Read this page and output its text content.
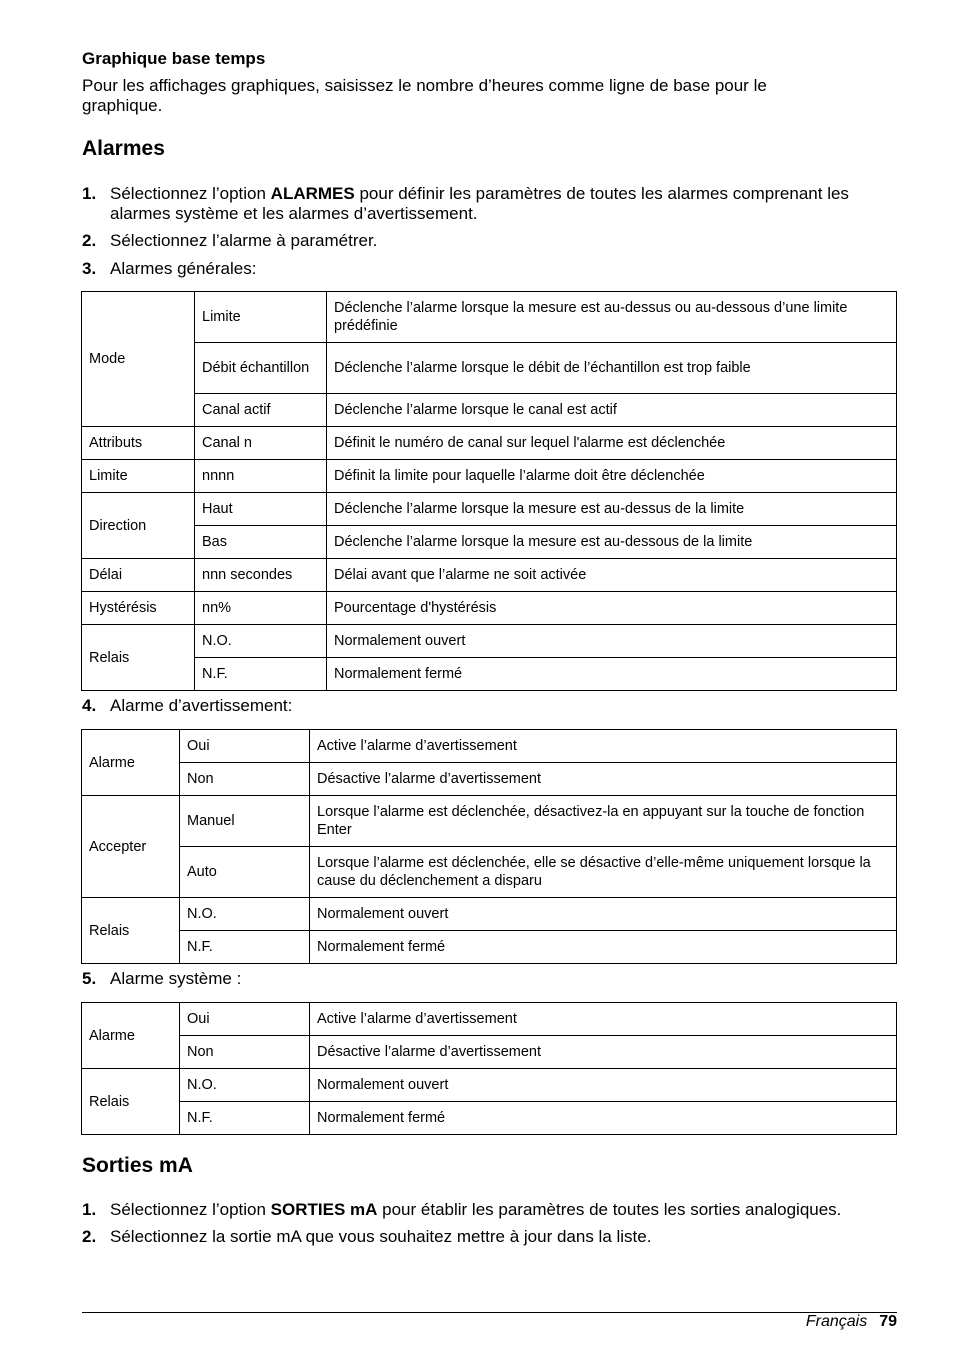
Graphique base temps
Pour les affichages graphiques, saisissez le nombre d’heures comme ligne de base pour le
graphique.
Alarmes
1. Sélectionnez l’option ALARMES pour définir les paramètres de toutes les alarmes comprenant les alarmes système et les alarmes d’avertissement.
2. Sélectionnez l’alarme à paramétrer.
3. Alarmes générales:
Mode	Limite	Déclenche l’alarme lorsque la mesure est au-dessus ou au-dessous d’une limite prédéfinie
	Débit échantillon	Déclenche l’alarme lorsque le débit de l’échantillon est trop faible
	Canal actif	Déclenche l’alarme lorsque le canal est actif
Attributs	Canal n	Définit le numéro de canal sur lequel l'alarme est déclenchée
Limite	nnnn	Définit la limite pour laquelle l’alarme doit être déclenchée
Direction	Haut	Déclenche l’alarme lorsque la mesure est au-dessus de la limite
	Bas	Déclenche l’alarme lorsque la mesure est au-dessous de la limite
Délai	nnn secondes	Délai avant que l’alarme ne soit activée
Hystérésis	nn%	Pourcentage d'hystérésis
Relais	N.O.	Normalement ouvert
	N.F.	Normalement fermé
4. Alarme d’avertissement:
Alarme	Oui	Active l’alarme d’avertissement
	Non	Désactive l’alarme d’avertissement
Accepter	Manuel	Lorsque l’alarme est déclenchée, désactivez-la en appuyant sur la touche de fonction Enter
	Auto	Lorsque l’alarme est déclenchée, elle se désactive d’elle-même uniquement lorsque la cause du déclenchement a disparu
Relais	N.O.	Normalement ouvert
	N.F.	Normalement fermé
5. Alarme système :
Alarme	Oui	Active l’alarme d’avertissement
	Non	Désactive l’alarme d’avertissement
Relais	N.O.	Normalement ouvert
	N.F.	Normalement fermé
Sorties mA
1. Sélectionnez l’option SORTIES mA pour établir les paramètres de toutes les sorties analogiques.
2. Sélectionnez la sortie mA que vous souhaitez mettre à jour dans la liste.
Français 79
